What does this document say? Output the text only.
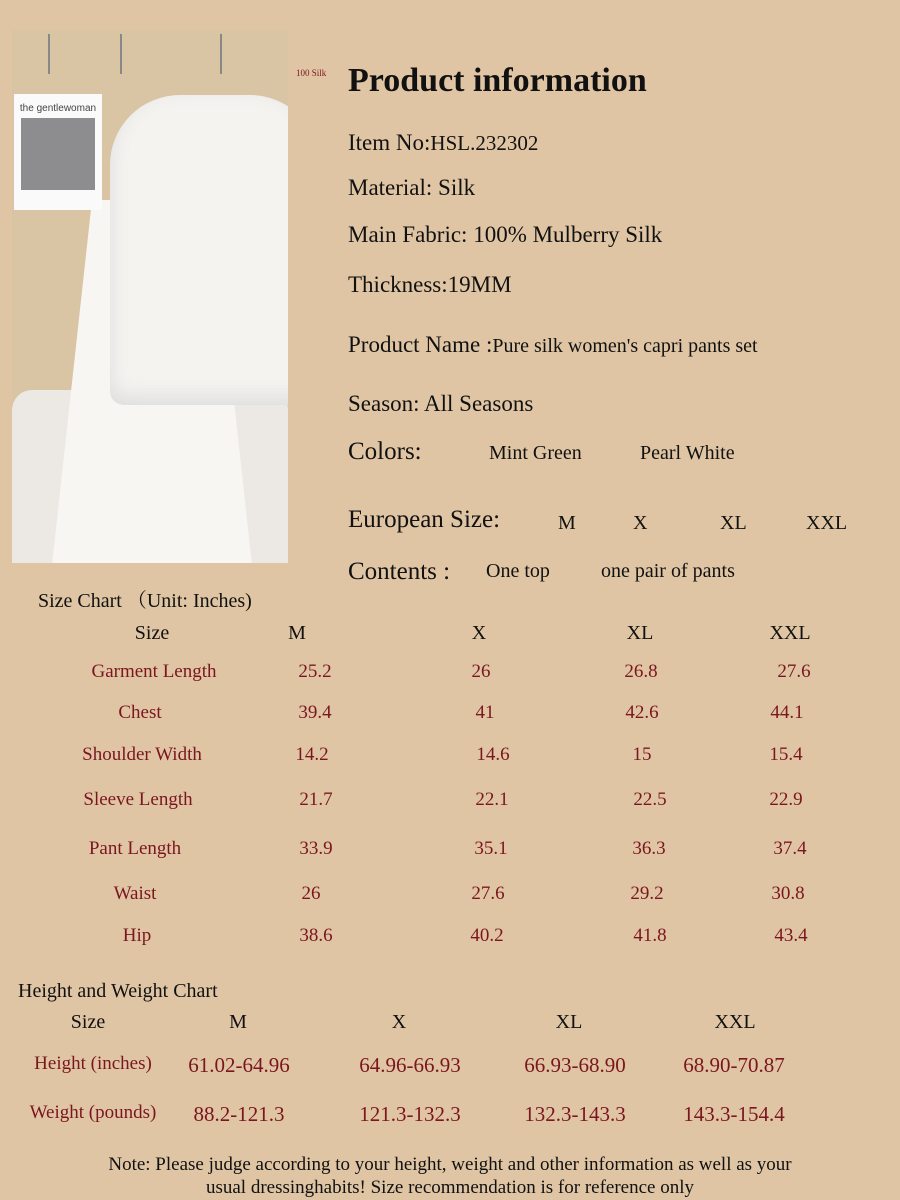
the gentlewoman
100 Silk Product information
Item No:HSL.232302
Material: Silk
Main Fabric: 100% Mulberry Silk
Thickness:19MM
Product Name :Pure silk women's capri pants set
Season: All Seasons
Colors:	Mint Green	Pearl White
European Size:	M	X	XL	XXL
Contents : One top	one pair of pants
Size Chart （Unit: Inches)
Size	M	X	XL	XXL
Garment Length	25.2	26	26.8	27.6
Chest	39.4	41	42.6	44.1
Shoulder Width	14.2	14.6	15	15.4
Sleeve Length	21.7	22.1	22.5	22.9
Pant Length	33.9	35.1	36.3	37.4
Waist	26	27.6	29.2	30.8
Hip	38.6	40.2	41.8	43.4
Height and Weight Chart
Size	M	X	XL	XXL
Height (inches) 61.02-64.96	64.96-66.93	66.93-68.90	68.90-70.87
Weight (pounds) 88.2-121.3	121.3-132.3	132.3-143.3	143.3-154.4
Note: Please judge according to your height, weight and other information as well as your
usual dressinghabits! Size recommendation is for reference only
